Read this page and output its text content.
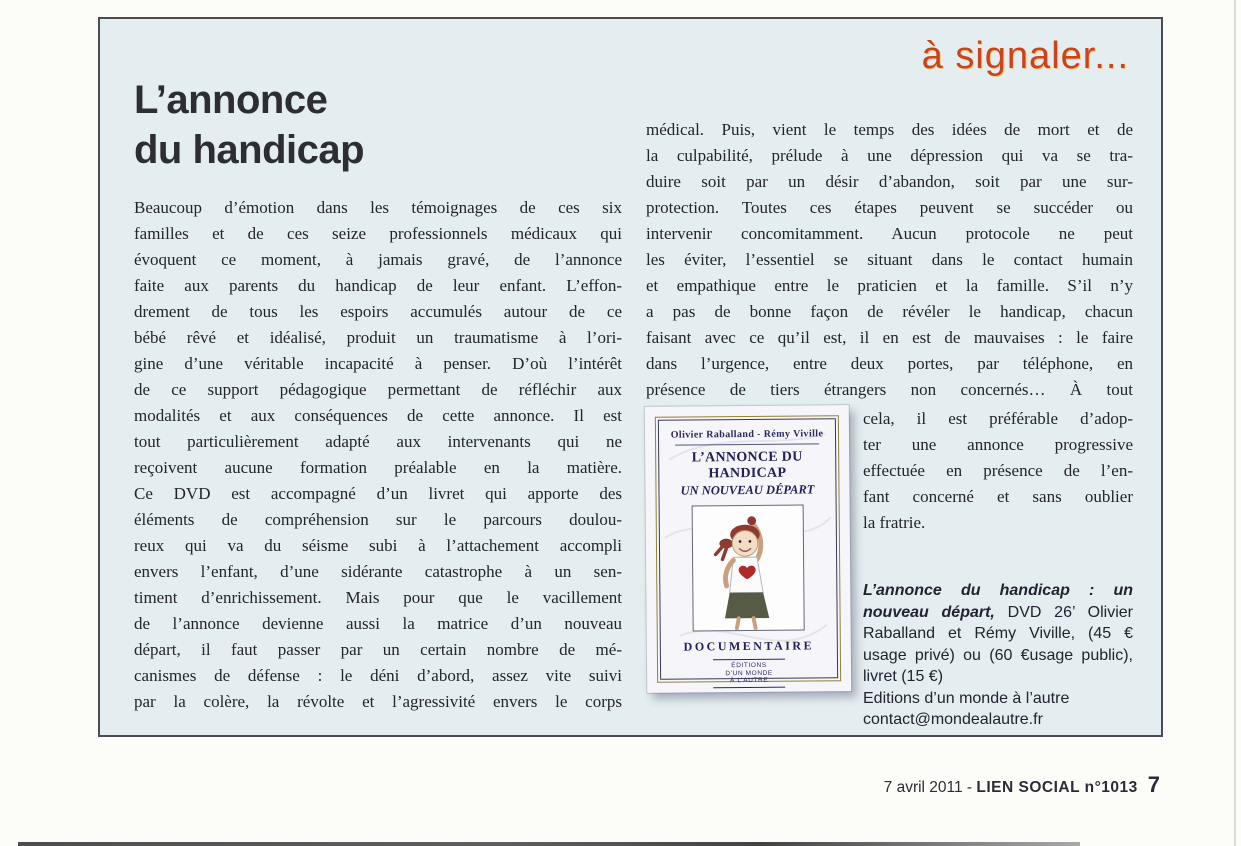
à signaler...
L’annonce
du handicap
Beaucoup d’émotion dans les témoignages de ces six
familles et de ces seize professionnels médicaux qui
évoquent ce moment, à jamais gravé, de l’annonce
faite aux parents du handicap de leur enfant. L’effon-
drement de tous les espoirs accumulés autour de ce
bébé rêvé et idéalisé, produit un traumatisme à l’ori-
gine d’une véritable incapacité à penser. D’où l’intérêt
de ce support pédagogique permettant de réfléchir aux
modalités et aux conséquences de cette annonce. Il est
tout particulièrement adapté aux intervenants qui ne
reçoivent aucune formation préalable en la matière.
Ce DVD est accompagné d’un livret qui apporte des
éléments de compréhension sur le parcours doulou-
reux qui va du séisme subi à l’attachement accompli
envers l’enfant, d’une sidérante catastrophe à un sen-
timent d’enrichissement. Mais pour que le vacillement
de l’annonce devienne aussi la matrice d’un nouveau
départ, il faut passer par un certain nombre de mé-
canismes de défense : le déni d’abord, assez vite suivi
par la colère, la révolte et l’agressivité envers le corps
médical. Puis, vient le temps des idées de mort et de
la culpabilité, prélude à une dépression qui va se tra-
duire soit par un désir d’abandon, soit par une sur-
protection. Toutes ces étapes peuvent se succéder ou
intervenir concomitamment. Aucun protocole ne peut
les éviter, l’essentiel se situant dans le contact humain
et empathique entre le praticien et la famille. S’il n’y
a pas de bonne façon de révéler le handicap, chacun
faisant avec ce qu’il est, il en est de mauvaises : le faire
dans l’urgence, entre deux portes, par téléphone, en
présence de tiers étrangers non concernés… À tout
Olivier Raballand - Rémy Viville
L’ANNONCE DU HANDICAP
UN NOUVEAU DÉPART
DOCUMENTAIRE
ÉDITIONS
D’UN MONDE
À L’AUTRE
cela, il est préférable d’adop-
ter une annonce progressive
effectuée en présence de l’en-
fant concerné et sans oublier
la fratrie.
L’annonce du handicap : un nouveau départ, DVD 26’ Olivier Raballand et Rémy Viville, (45 € usage privé) ou (60 €usage public), livret (15 €)
Editions d’un monde à l’autre
contact@mondealautre.fr
7 avril 2011 - LIEN SOCIAL n°1013 7
